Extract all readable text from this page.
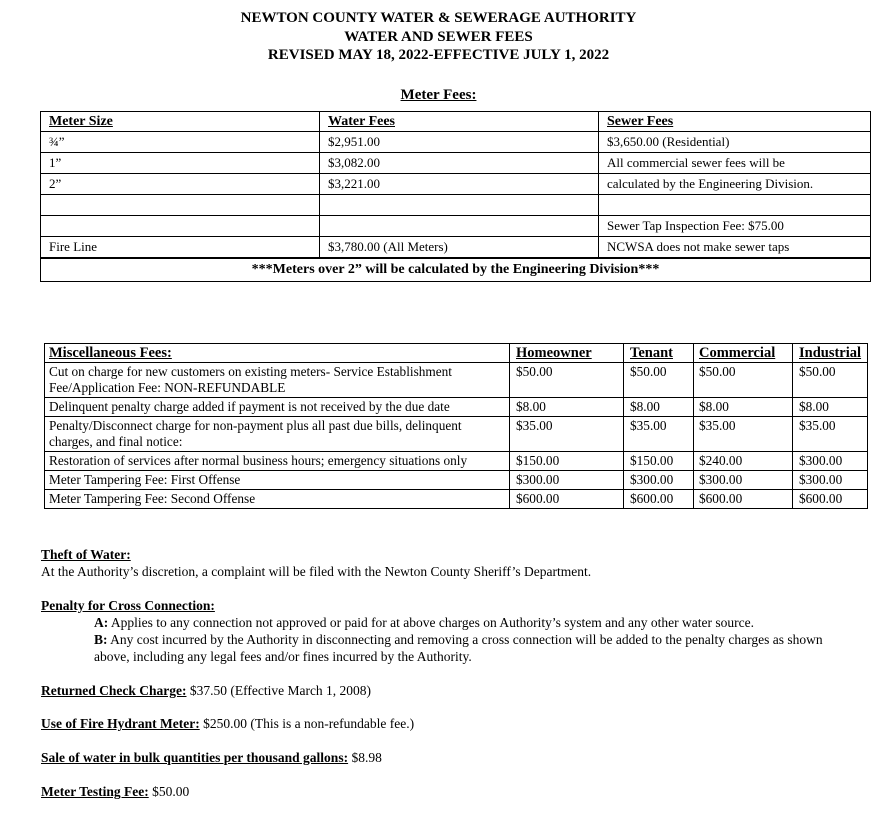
NEWTON COUNTY WATER & SEWERAGE AUTHORITY
WATER AND SEWER FEES
REVISED MAY 18, 2022-EFFECTIVE JULY 1, 2022
Meter Fees:
Meter Size	Water Fees	Sewer Fees
¾”	$2,951.00	$3,650.00 (Residential)
1”	$3,082.00	All commercial sewer fees will be
2”	$3,221.00	calculated by the Engineering Division.

		Sewer Tap Inspection Fee: $75.00
Fire Line	$3,780.00 (All Meters)	NCWSA does not make sewer taps
***Meters over 2” will be calculated by the Engineering Division***		
Miscellaneous Fees:	Homeowner	Tenant	Commercial	Industrial
Cut on charge for new customers on existing meters- Service Establishment Fee/Application Fee: NON-REFUNDABLE	$50.00	$50.00	$50.00	$50.00
Delinquent penalty charge added if payment is not received by the due date	$8.00	$8.00	$8.00	$8.00
Penalty/Disconnect charge for non-payment plus all past due bills, delinquent charges, and final notice:	$35.00	$35.00	$35.00	$35.00
Restoration of services after normal business hours; emergency situations only	$150.00	$150.00	$240.00	$300.00
Meter Tampering Fee: First Offense	$300.00	$300.00	$300.00	$300.00
Meter Tampering Fee: Second Offense	$600.00	$600.00	$600.00	$600.00
Theft of Water:
At the Authority’s discretion, a complaint will be filed with the Newton County Sheriff’s Department.
Penalty for Cross Connection:
A: Applies to any connection not approved or paid for at above charges on Authority’s system and any other water source.
B: Any cost incurred by the Authority in disconnecting and removing a cross connection will be added to the penalty charges as shown above, including any legal fees and/or fines incurred by the Authority.
Returned Check Charge: $37.50 (Effective March 1, 2008)
Use of Fire Hydrant Meter: $250.00 (This is a non-refundable fee.)
Sale of water in bulk quantities per thousand gallons: $8.98
Meter Testing Fee: $50.00
